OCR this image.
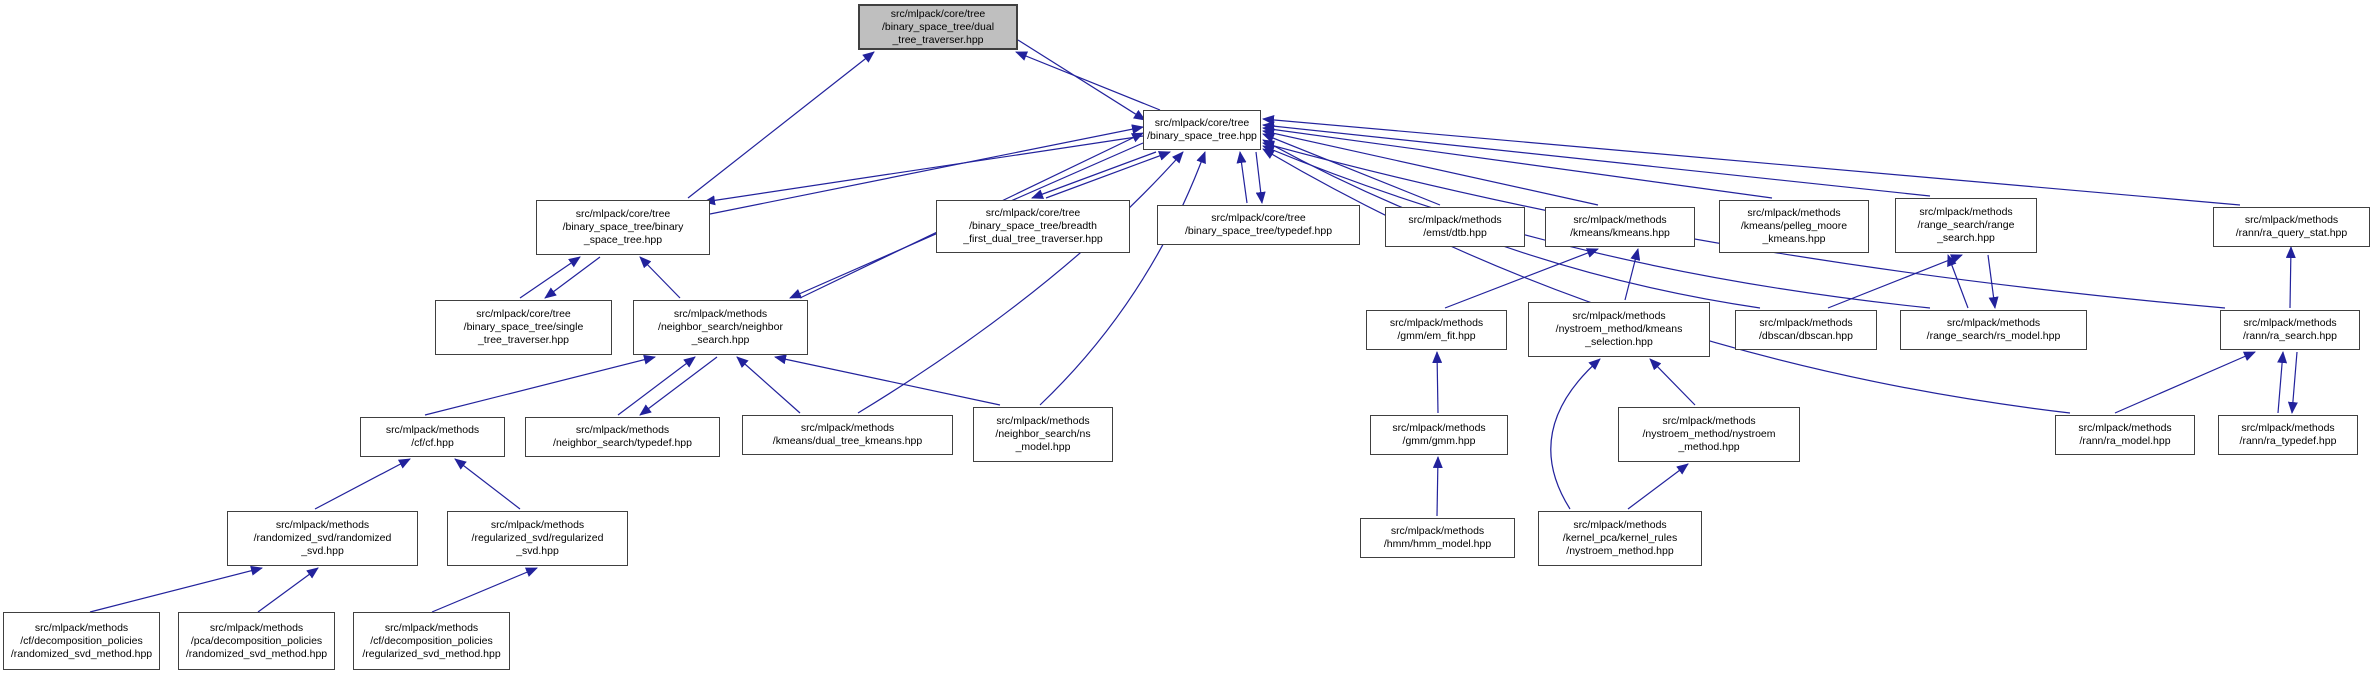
src/mlpack/core/tree
/binary_space_tree/dual
_tree_traverser.hpp
src/mlpack/core/tree
/binary_space_tree.hpp
src/mlpack/core/tree
/binary_space_tree/binary
_space_tree.hpp
src/mlpack/core/tree
/binary_space_tree/breadth
_first_dual_tree_traverser.hpp
src/mlpack/core/tree
/binary_space_tree/typedef.hpp
src/mlpack/methods
/emst/dtb.hpp
src/mlpack/methods
/kmeans/kmeans.hpp
src/mlpack/methods
/kmeans/pelleg_moore
_kmeans.hpp
src/mlpack/methods
/range_search/range
_search.hpp
src/mlpack/methods
/rann/ra_query_stat.hpp
src/mlpack/core/tree
/binary_space_tree/single
_tree_traverser.hpp
src/mlpack/methods
/neighbor_search/neighbor
_search.hpp
src/mlpack/methods
/gmm/em_fit.hpp
src/mlpack/methods
/nystroem_method/kmeans
_selection.hpp
src/mlpack/methods
/dbscan/dbscan.hpp
src/mlpack/methods
/range_search/rs_model.hpp
src/mlpack/methods
/rann/ra_search.hpp
src/mlpack/methods
/cf/cf.hpp
src/mlpack/methods
/neighbor_search/typedef.hpp
src/mlpack/methods
/kmeans/dual_tree_kmeans.hpp
src/mlpack/methods
/neighbor_search/ns
_model.hpp
src/mlpack/methods
/gmm/gmm.hpp
src/mlpack/methods
/nystroem_method/nystroem
_method.hpp
src/mlpack/methods
/rann/ra_model.hpp
src/mlpack/methods
/rann/ra_typedef.hpp
src/mlpack/methods
/randomized_svd/randomized
_svd.hpp
src/mlpack/methods
/regularized_svd/regularized
_svd.hpp
src/mlpack/methods
/hmm/hmm_model.hpp
src/mlpack/methods
/kernel_pca/kernel_rules
/nystroem_method.hpp
src/mlpack/methods
/cf/decomposition_policies
/randomized_svd_method.hpp
src/mlpack/methods
/pca/decomposition_policies
/randomized_svd_method.hpp
src/mlpack/methods
/cf/decomposition_policies
/regularized_svd_method.hpp
